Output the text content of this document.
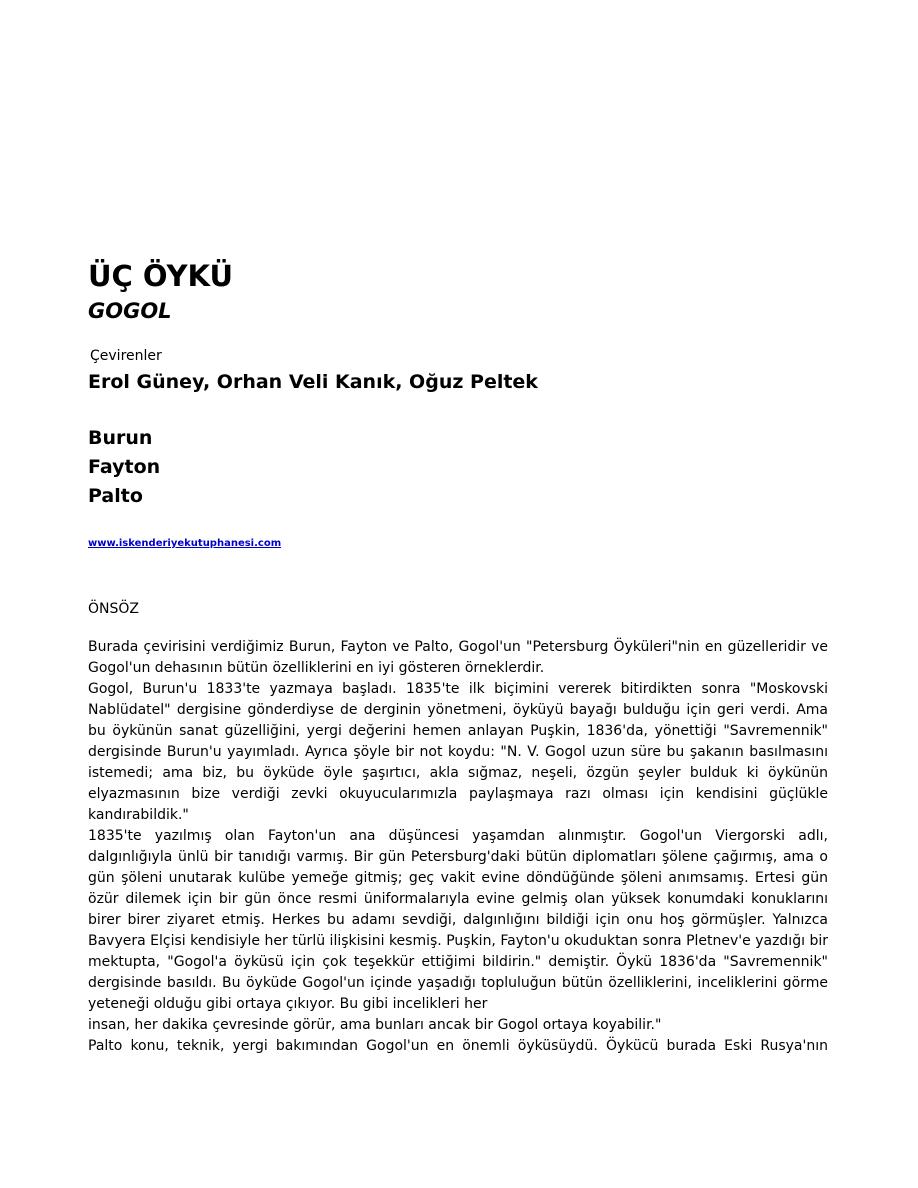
ÜÇ ÖYKÜ
GOGOL
Çevirenler
Erol Güney, Orhan Veli Kanık, Oğuz Peltek
Burun
Fayton
Palto
www.iskenderiyekutuphanesi.com
ÖNSÖZ

Burada çevirisini verdiğimiz Burun, Fayton ve Palto, Gogol'un "Petersburg Öyküleri"nin en güzelleridir ve Gogol'un dehasının bütün özelliklerini en iyi gösteren örneklerdir.

Gogol, Burun'u 1833'te yazmaya başladı. 1835'te ilk biçimini vererek bitirdikten sonra "Moskovski Nablüdatel" dergisine gönderdiyse de derginin yönetmeni, öyküyü bayağı bulduğu için geri verdi. Ama bu öykünün sanat güzelliğini, yergi değerini hemen anlayan Puşkin, 1836'da, yönettiği "Savremennik" dergisinde Burun'u yayımladı. Ayrıca şöyle bir not koydu: "N. V. Gogol uzun süre bu şakanın basılmasını istemedi; ama biz, bu öyküde öyle şaşırtıcı, akla sığmaz, neşeli, özgün şeyler bulduk ki öykünün elyazmasının bize verdiği zevki okuyucularımızla paylaşmaya razı olması için kendisini güçlükle kandırabildik."

1835'te yazılmış olan Fayton'un ana düşüncesi yaşamdan alınmıştır. Gogol'un Viergorski adlı, dalgınlığıyla ünlü bir tanıdığı varmış. Bir gün Petersburg'daki bütün diplomatları şölene çağırmış, ama o gün şöleni unutarak kulübe yemeğe gitmiş; geç vakit evine döndüğünde şöleni anımsamış. Ertesi gün özür dilemek için bir gün önce resmi üniformalarıyla evine gelmiş olan yüksek konumdaki konuklarını birer birer ziyaret etmiş. Herkes bu adamı sevdiği, dalgınlığını bildiği için onu hoş görmüşler. Yalnızca Bavyera Elçisi kendisiyle her türlü ilişkisini kesmiş. Puşkin, Fayton'u okuduktan sonra Pletnev'e yazdığı bir mektupta, "Gogol'a öyküsü için çok teşekkür ettiğimi bildirin." demiştir. Öykü 1836'da "Savremennik" dergisinde basıldı. Bu öyküde Gogol'un içinde yaşadığı topluluğun bütün özelliklerini, inceliklerini görme yeteneği olduğu gibi ortaya çıkıyor. Bu gibi incelikleri her

insan, her dakika çevresinde görür, ama bunları ancak bir Gogol ortaya koyabilir."

Palto konu, teknik, yergi bakımından Gogol'un en önemli öyküsüydü. Öykücü burada Eski Rusya'nın
